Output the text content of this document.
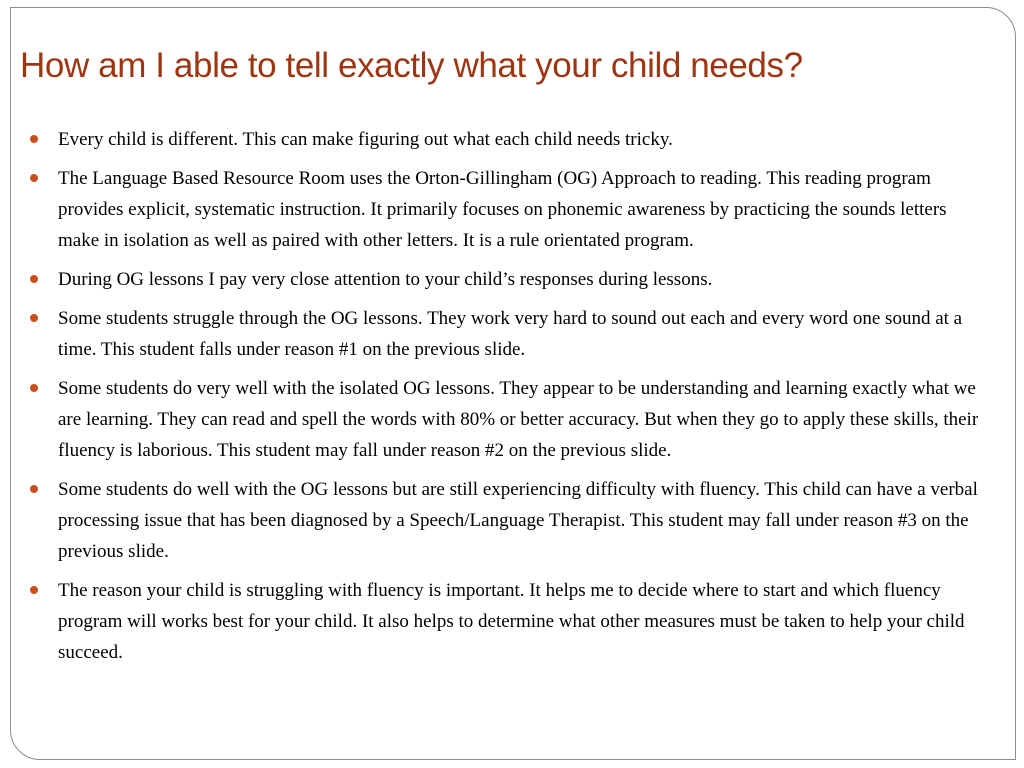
How am I able to tell exactly what your child needs?
Every child is different. This can make figuring out what each child needs tricky.
The Language Based Resource Room uses the Orton-Gillingham (OG) Approach to reading. This reading program provides explicit, systematic instruction. It primarily focuses on phonemic awareness by practicing the sounds letters make in isolation as well as paired with other letters. It is a rule orientated program.
During OG lessons I pay very close attention to your child’s responses during lessons.
Some students struggle through the OG lessons. They work very hard to sound out each and every word one sound at a time. This student falls under reason #1 on the previous slide.
Some students do very well with the isolated OG lessons. They appear to be understanding and learning exactly what we are learning. They can read and spell the words with 80% or better accuracy. But when they go to apply these skills, their fluency is laborious. This student may fall under reason #2 on the previous slide.
Some students do well with the OG lessons but are still experiencing difficulty with fluency. This child can have a verbal processing issue that has been diagnosed by a Speech/Language Therapist. This student may fall under reason #3 on the previous slide.
The reason your child is struggling with fluency is important. It helps me to decide where to start and which fluency program will works best for your child. It also helps to determine what other measures must be taken to help your child succeed.
